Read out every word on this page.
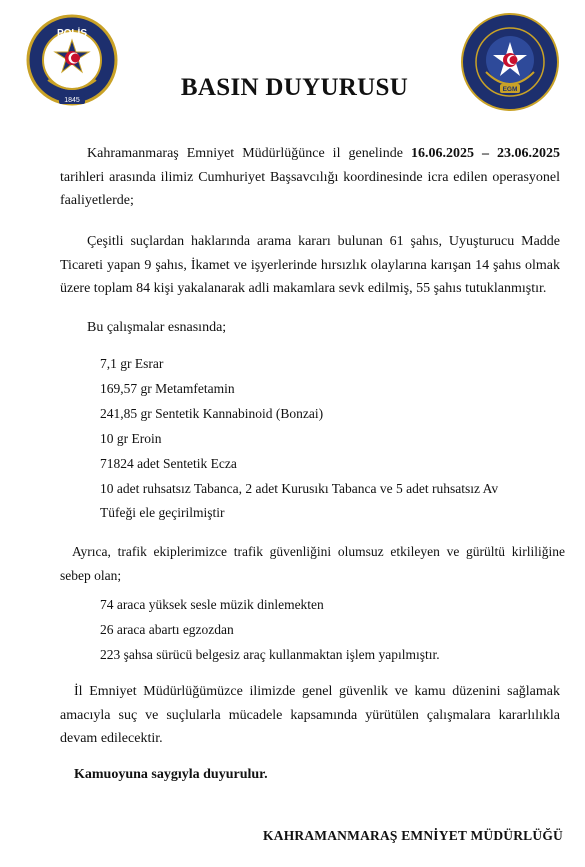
POLİS
1845
EGM
BASIN DUYURUSU
Kahramanmaraş Emniyet Müdürlüğünce il genelinde 16.06.2025 – 23.06.2025 tarihleri arasında ilimiz Cumhuriyet Başsavcılığı koordinesinde icra edilen operasyonel faaliyetlerde;
Çeşitli suçlardan haklarında arama kararı bulunan 61 şahıs, Uyuşturucu Madde Ticareti yapan 9 şahıs, İkamet ve işyerlerinde hırsızlık olaylarına karışan 14 şahıs olmak üzere toplam 84 kişi yakalanarak adli makamlara sevk edilmiş, 55 şahıs tutuklanmıştır.
Bu çalışmalar esnasında;
7,1 gr Esrar
169,57 gr Metamfetamin
241,85 gr Sentetik Kannabinoid (Bonzai)
10 gr Eroin
71824 adet Sentetik Ecza
10 adet ruhsatsız Tabanca, 2 adet Kurusıkı Tabanca ve 5 adet ruhsatsız Av
Tüfeği ele geçirilmiştir
Ayrıca, trafik ekiplerimizce trafik güvenliğini olumsuz etkileyen ve gürültü kirliliğine sebep olan;
74 araca yüksek sesle müzik dinlemekten
26 araca abartı egzozdan
223 şahsa sürücü belgesiz araç kullanmaktan işlem yapılmıştır.
İl Emniyet Müdürlüğümüzce ilimizde genel güvenlik ve kamu düzenini sağlamak amacıyla suç ve suçlularla mücadele kapsamında yürütülen çalışmalara kararlılıkla devam edilecektir.
Kamuoyuna saygıyla duyurulur.
KAHRAMANMARAŞ EMNİYET MÜDÜRLÜĞÜ
